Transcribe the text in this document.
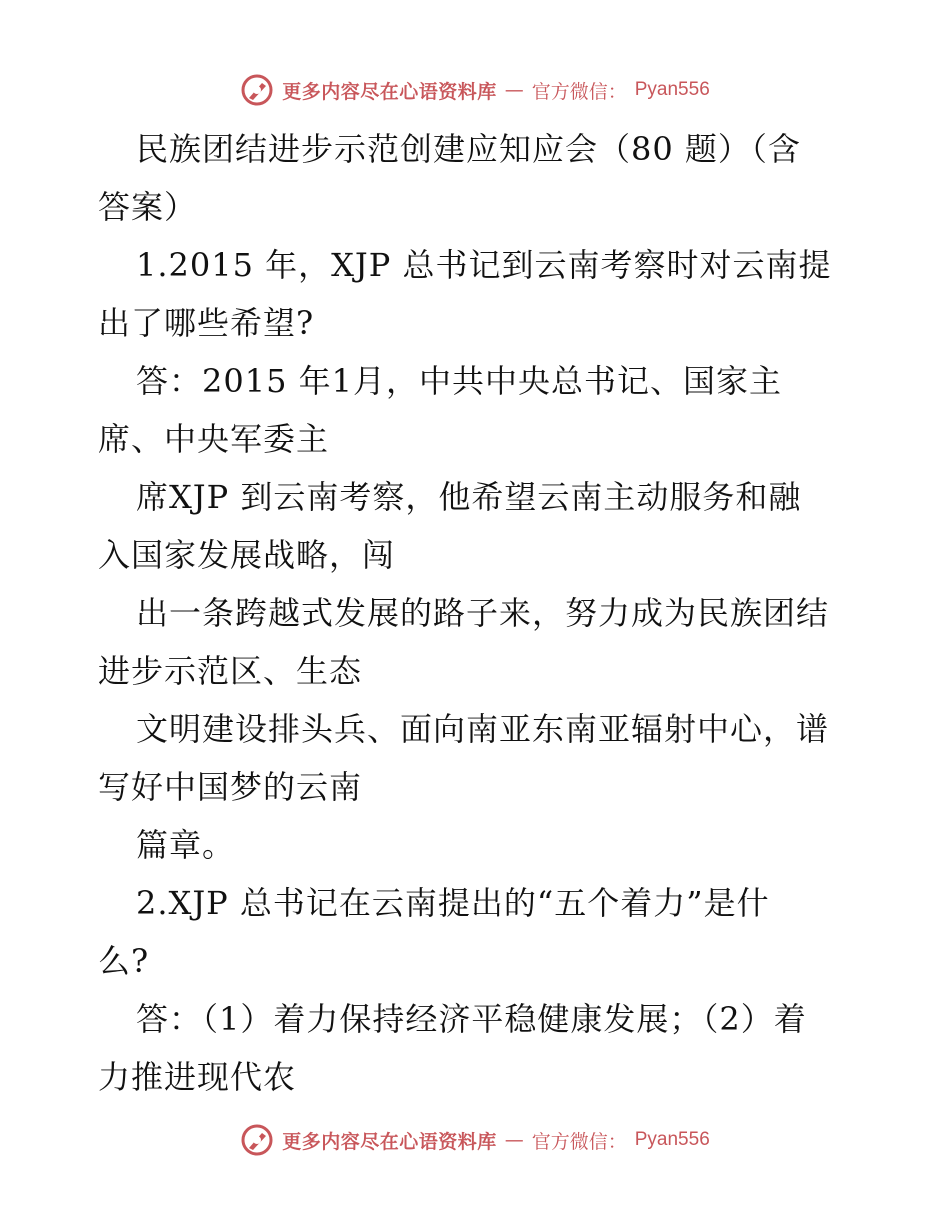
更多内容尽在心语资料库 — 官方微信： Pyan556
民族团结进步示范创建应知应会（80 题）（含
答案）
1.2015 年，XJP 总书记到云南考察时对云南提
出了哪些希望?
答：2015 年1月，中共中央总书记、国家主
席、中央军委主
席XJP 到云南考察，他希望云南主动服务和融
入国家发展战略，闯
出一条跨越式发展的路子来，努力成为民族团结
进步示范区、生态
文明建设排头兵、面向南亚东南亚辐射中心，谱
写好中国梦的云南
篇章。
2.XJP 总书记在云南提出的“五个着力”是什
么?
答：（1）着力保持经济平稳健康发展；（2）着
力推进现代农
更多内容尽在心语资料库 — 官方微信： Pyan556
